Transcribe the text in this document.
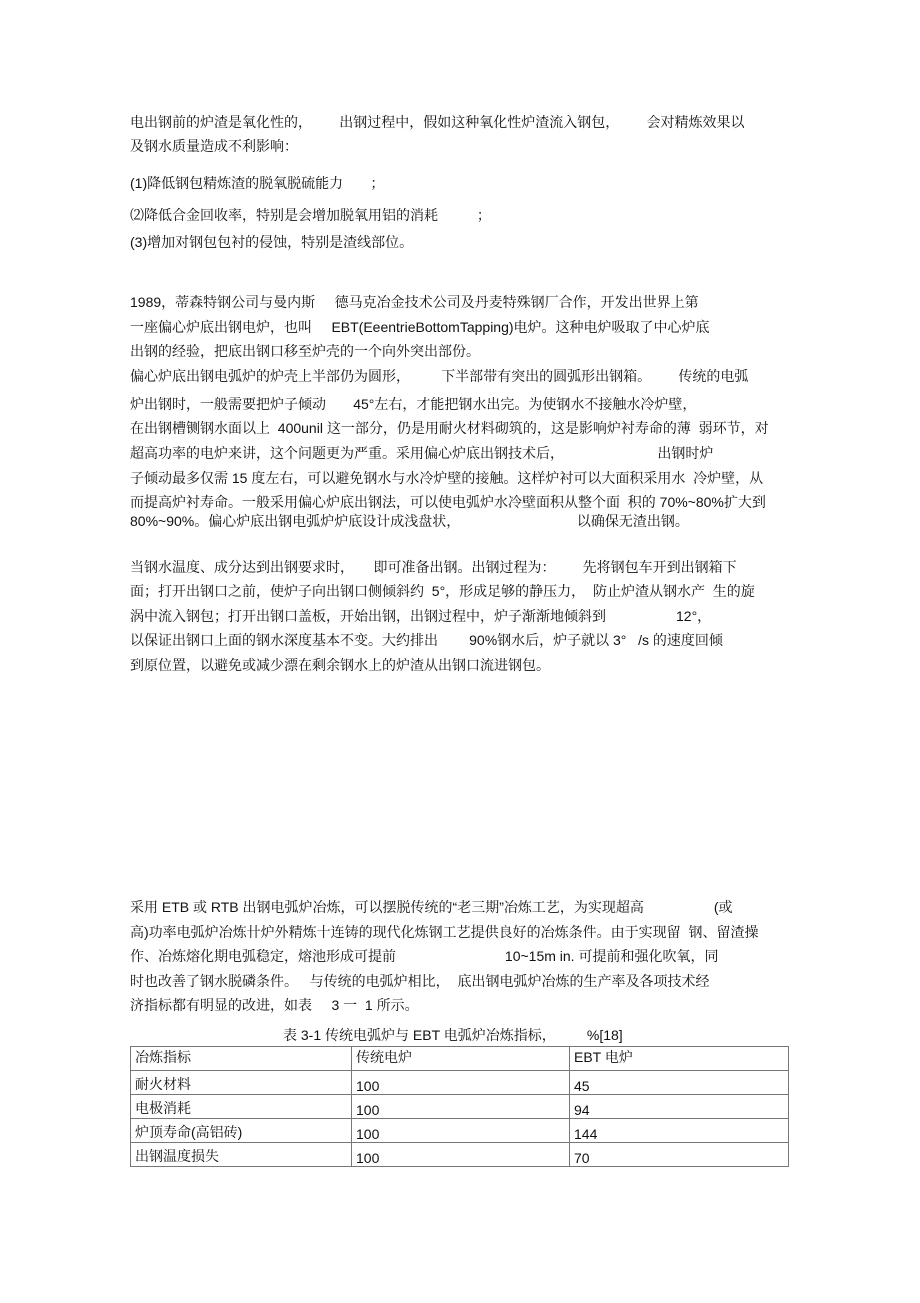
电出钢前的炉渣是氧化性的，       出钢过程中，假如这种氧化性炉渣流入钢包，       会对精炼效果以
及钢水质量造成不利影响：
(1)降低钢包精炼渣的脱氧脱硫能力       ；
⑵降低合金回收率，特别是会增加脱氧用铝的消耗          ；
(3)增加对钢包包衬的侵蚀，特别是渣线部位。
1989，蒂森特钢公司与曼内斯     德马克冶金技术公司及丹麦特殊钢厂合作，开发出世界上第
一座偏心炉底出钢电炉，也叫     EBT(EeentrieBottomTapping)电炉。这种电炉吸取了中心炉底
出钢的经验，把底出钢口移至炉壳的一个向外突出部份。
偏心炉底出钢电弧炉的炉壳上半部仍为圆形，        下半部带有突出的圆弧形出钢箱。       传统的电弧
炉出钢时，一般需要把炉子倾动       45°左右，才能把钢水出完。为使钢水不接触水冷炉壁，
在出钢槽铡钢水面以上  400unil 这一部分，仍是用耐火材料砌筑的，这是影响炉衬寿命的薄  弱环节，对
超高功率的电炉来讲，这个问题更为严重。采用偏心炉底出钢技术后，                        出钢时炉
子倾动最多仅需 15 度左右，可以避免钢水与水冷炉壁的接触。这样炉衬可以大面积采用水  冷炉壁，从
而提高炉衬寿命。一般采用偏心炉底出钢法，可以使电弧炉水冷壁面积从整个面  积的 70%~80%扩大到
80%~90%。偏心炉底出钢电弧炉炉底设计成浅盘状，                              以确保无渣出钢。
当钢水温度、成分达到出钢要求时，     即可准备出钢。出钢过程为：       先将钢包车开到出钢箱下
面；打开出钢口之前，使炉子向出钢口侧倾斜约  5°，形成足够的静压力，  防止炉渣从钢水产  生的旋
涡中流入钢包；打开出钢口盖板，开始出钢，出钢过程中，炉子渐渐地倾斜到                  12°，
以保证出钢口上面的钢水深度基本不变。大约排出        90%钢水后，炉子就以 3°   /s 的速度回倾
到原位置，以避免或减少漂在剩余钢水上的炉渣从出钢口流进钢包。
采用 ETB 或 RTB 出钢电弧炉冶炼，可以摆脱传统的“老三期”冶炼工艺，为实现超高                  (或
高)功率电弧炉冶炼卄炉外精炼十连铸的现代化炼钢工艺提供良好的冶炼条件。由于实现留  钢、留渣操
作、冶炼熔化期电弧稳定，熔池形成可提前                            10~15m in. 可提前和强化吹氧，同
时也改善了钢水脱磷条件。   与传统的电弧炉相比，  底出钢电弧炉冶炼的生产率及各项技术经
济指标都有明显的改进，如表     3 一  1 所示。
表 3-1 传统电弧炉与 EBT 电弧炉冶炼指标，        %[18]
冶炼指标	传统电炉	EBT 电炉
耐火材料	100	45
电极消耗	100	94
炉顶寿命(高铝砖)	100	144
出钢温度损失	100	70
